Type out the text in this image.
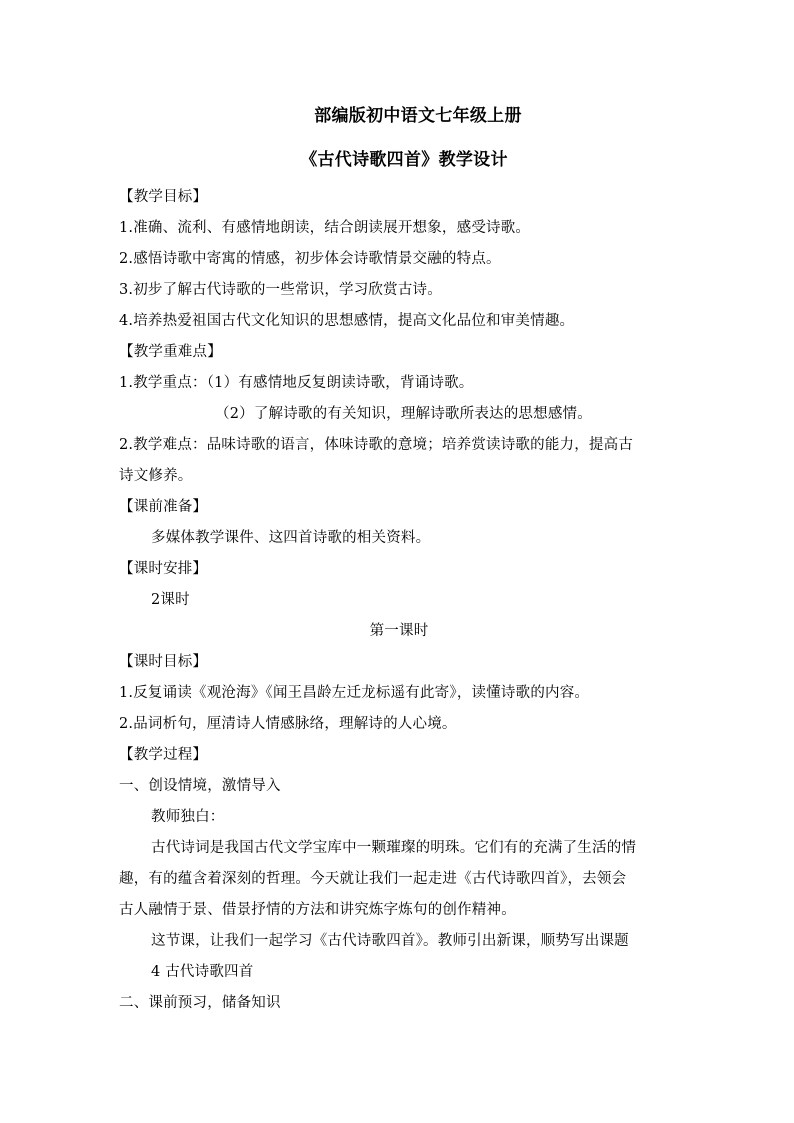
部编版初中语文七年级上册
《古代诗歌四首》教学设计
【教学目标】
1.准确、流利、有感情地朗读，结合朗读展开想象，感受诗歌。
2.感悟诗歌中寄寓的情感，初步体会诗歌情景交融的特点。
3.初步了解古代诗歌的一些常识，学习欣赏古诗。
4.培养热爱祖国古代文化知识的思想感情，提高文化品位和审美情趣。
【教学重难点】
1.教学重点：（1）有感情地反复朗读诗歌，背诵诗歌。
（2）了解诗歌的有关知识，理解诗歌所表达的思想感情。
2.教学难点：品味诗歌的语言，体味诗歌的意境；培养赏读诗歌的能力，提高古
诗文修养。
【课前准备】
多媒体教学课件、这四首诗歌的相关资料。
【课时安排】
2课时
第一课时
【课时目标】
1.反复诵读《观沧海》《闻王昌龄左迁龙标遥有此寄》，读懂诗歌的内容。
2.品词析句，厘清诗人情感脉络，理解诗的人心境。
【教学过程】
一、创设情境，激情导入
教师独白：
古代诗词是我国古代文学宝库中一颗璀璨的明珠。它们有的充满了生活的情
趣，有的蕴含着深刻的哲理。今天就让我们一起走进《古代诗歌四首》，去领会
古人融情于景、借景抒情的方法和讲究炼字炼句的创作精神。
这节课，让我们一起学习《古代诗歌四首》。教师引出新课，顺势写出课题
4 古代诗歌四首
二、课前预习，储备知识
